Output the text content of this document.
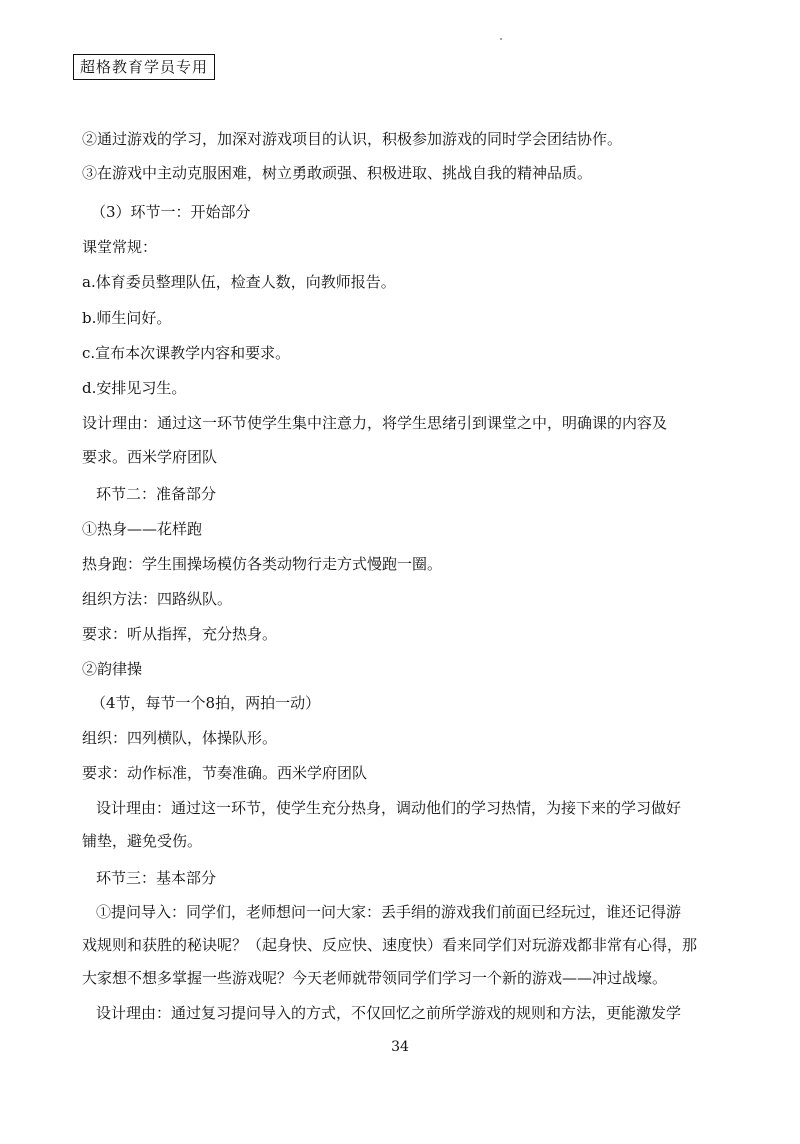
超格教育学员专用
②通过游戏的学习，加深对游戏项目的认识，积极参加游戏的同时学会团结协作。
③在游戏中主动克服困难，树立勇敢顽强、积极进取、挑战自我的精神品质。
（3）环节一：开始部分
课堂常规：
a.体育委员整理队伍，检查人数，向教师报告。
b.师生问好。
c.宣布本次课教学内容和要求。
d.安排见习生。
设计理由：通过这一环节使学生集中注意力，将学生思绪引到课堂之中，明确课的内容及
要求。西米学府团队
环节二：准备部分
①热身——花样跑
热身跑：学生围操场模仿各类动物行走方式慢跑一圈。
组织方法：四路纵队。
要求：听从指挥，充分热身。
②韵律操
（4节，每节一个8拍，两拍一动）
组织：四列横队，体操队形。
要求：动作标准，节奏准确。西米学府团队
设计理由：通过这一环节，使学生充分热身，调动他们的学习热情，为接下来的学习做好
铺垫，避免受伤。
环节三：基本部分
①提问导入：同学们，老师想问一问大家：丢手绢的游戏我们前面已经玩过，谁还记得游
戏规则和获胜的秘诀呢？（起身快、反应快、速度快）看来同学们对玩游戏都非常有心得，那
大家想不想多掌握一些游戏呢？今天老师就带领同学们学习一个新的游戏——冲过战壕。
设计理由：通过复习提问导入的方式，不仅回忆之前所学游戏的规则和方法，更能激发学
34
